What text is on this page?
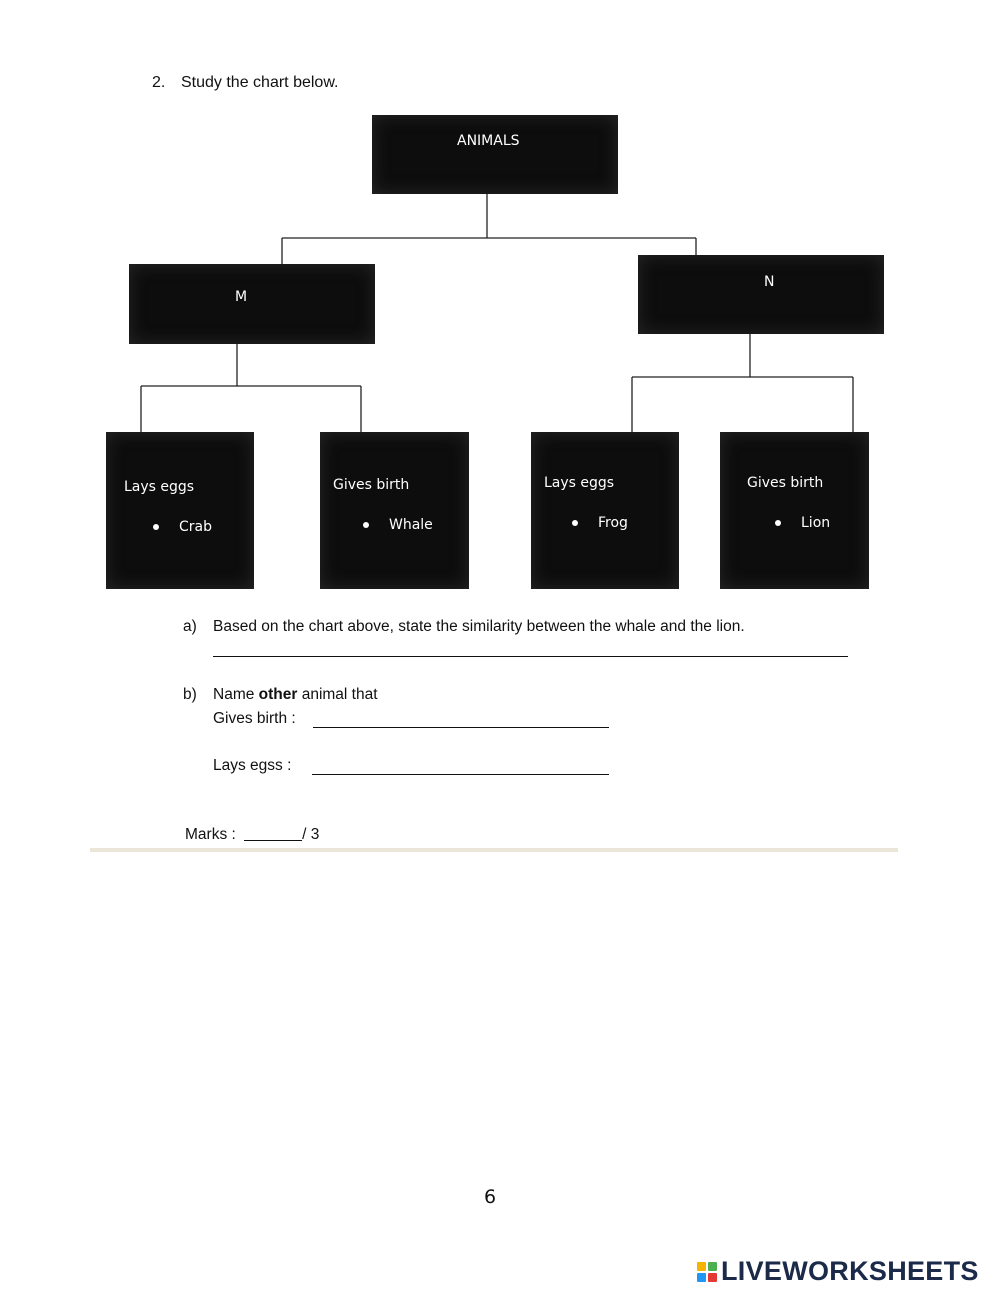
2. Study the chart below.
ANIMALS
M
N
Lays eggs
Crab
Gives birth
Whale
Lays eggs
Frog
Gives birth
Lion
a) Based on the chart above, state the similarity between the whale and the lion.
b) Name other animal that
Gives birth :
Lays egss :
Marks :	/ 3
6
LIVEWORKSHEETS
